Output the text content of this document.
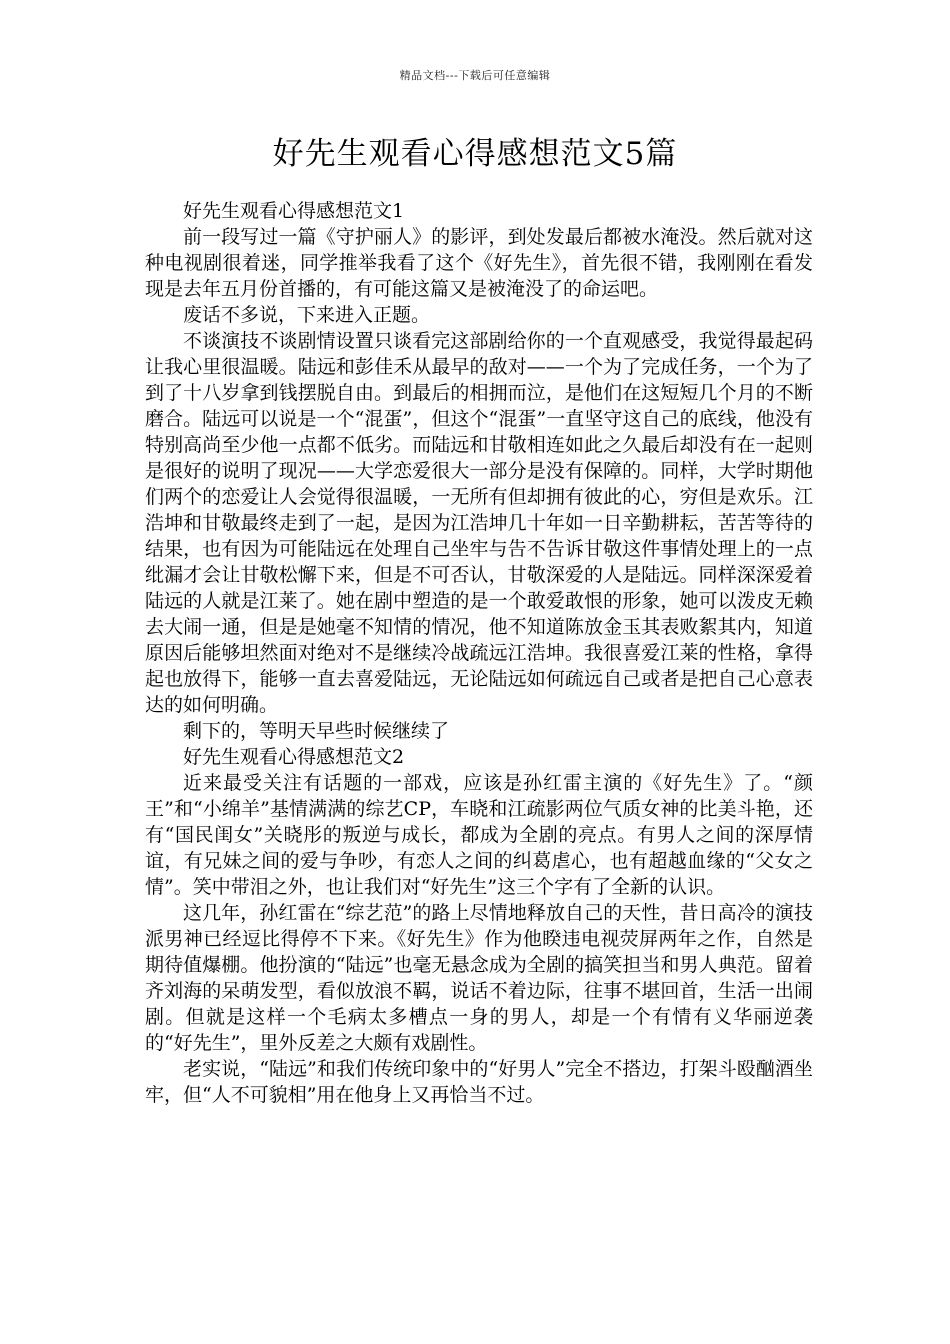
精品文档---下载后可任意编辑
好先生观看心得感想范文5篇

好先生观看心得感想范文1

前一段写过一篇《守护丽人》的影评，到处发最后都被水淹没。然后就对这种电视剧很着迷，同学推举我看了这个《好先生》，首先很不错，我刚刚在看发现是去年五月份首播的，有可能这篇又是被淹没了的命运吧。

废话不多说，下来进入正题。

不谈演技不谈剧情设置只谈看完这部剧给你的一个直观感受，我觉得最起码让我心里很温暖。陆远和彭佳禾从最早的敌对——一个为了完成任务，一个为了到了十八岁拿到钱摆脱自由。到最后的相拥而泣，是他们在这短短几个月的不断磨合。陆远可以说是一个“混蛋”，但这个“混蛋”一直坚守这自己的底线，他没有特别高尚至少他一点都不低劣。而陆远和甘敬相连如此之久最后却没有在一起则是很好的说明了现况——大学恋爱很大一部分是没有保障的。同样，大学时期他们两个的恋爱让人会觉得很温暖，一无所有但却拥有彼此的心，穷但是欢乐。江浩坤和甘敬最终走到了一起，是因为江浩坤几十年如一日辛勤耕耘，苦苦等待的结果，也有因为可能陆远在处理自己坐牢与告不告诉甘敬这件事情处理上的一点纰漏才会让甘敬松懈下来，但是不可否认，甘敬深爱的人是陆远。同样深深爱着陆远的人就是江莱了。她在剧中塑造的是一个敢爱敢恨的形象，她可以泼皮无赖去大闹一通，但是是她毫不知情的情况，他不知道陈放金玉其表败絮其内，知道原因后能够坦然面对绝对不是继续冷战疏远江浩坤。我很喜爱江莱的性格，拿得起也放得下，能够一直去喜爱陆远，无论陆远如何疏远自己或者是把自己心意表达的如何明确。

剩下的，等明天早些时候继续了

好先生观看心得感想范文2

近来最受关注有话题的一部戏，应该是孙红雷主演的《好先生》了。“颜王”和“小绵羊”基情满满的综艺CP，车晓和江疏影两位气质女神的比美斗艳，还有“国民闺女”关晓彤的叛逆与成长，都成为全剧的亮点。有男人之间的深厚情谊，有兄妹之间的爱与争吵，有恋人之间的纠葛虐心，也有超越血缘的“父女之情”。笑中带泪之外，也让我们对“好先生”这三个字有了全新的认识。

这几年，孙红雷在“综艺范”的路上尽情地释放自己的天性，昔日高冷的演技派男神已经逗比得停不下来。《好先生》作为他睽违电视荧屏两年之作，自然是期待值爆棚。他扮演的“陆远”也毫无悬念成为全剧的搞笑担当和男人典范。留着齐刘海的呆萌发型，看似放浪不羁，说话不着边际，往事不堪回首，生活一出闹剧。但就是这样一个毛病太多槽点一身的男人，却是一个有情有义华丽逆袭的“好先生”，里外反差之大颇有戏剧性。

老实说，“陆远”和我们传统印象中的“好男人”完全不搭边，打架斗殴酗酒坐牢，但“人不可貌相”用在他身上又再恰当不过。
